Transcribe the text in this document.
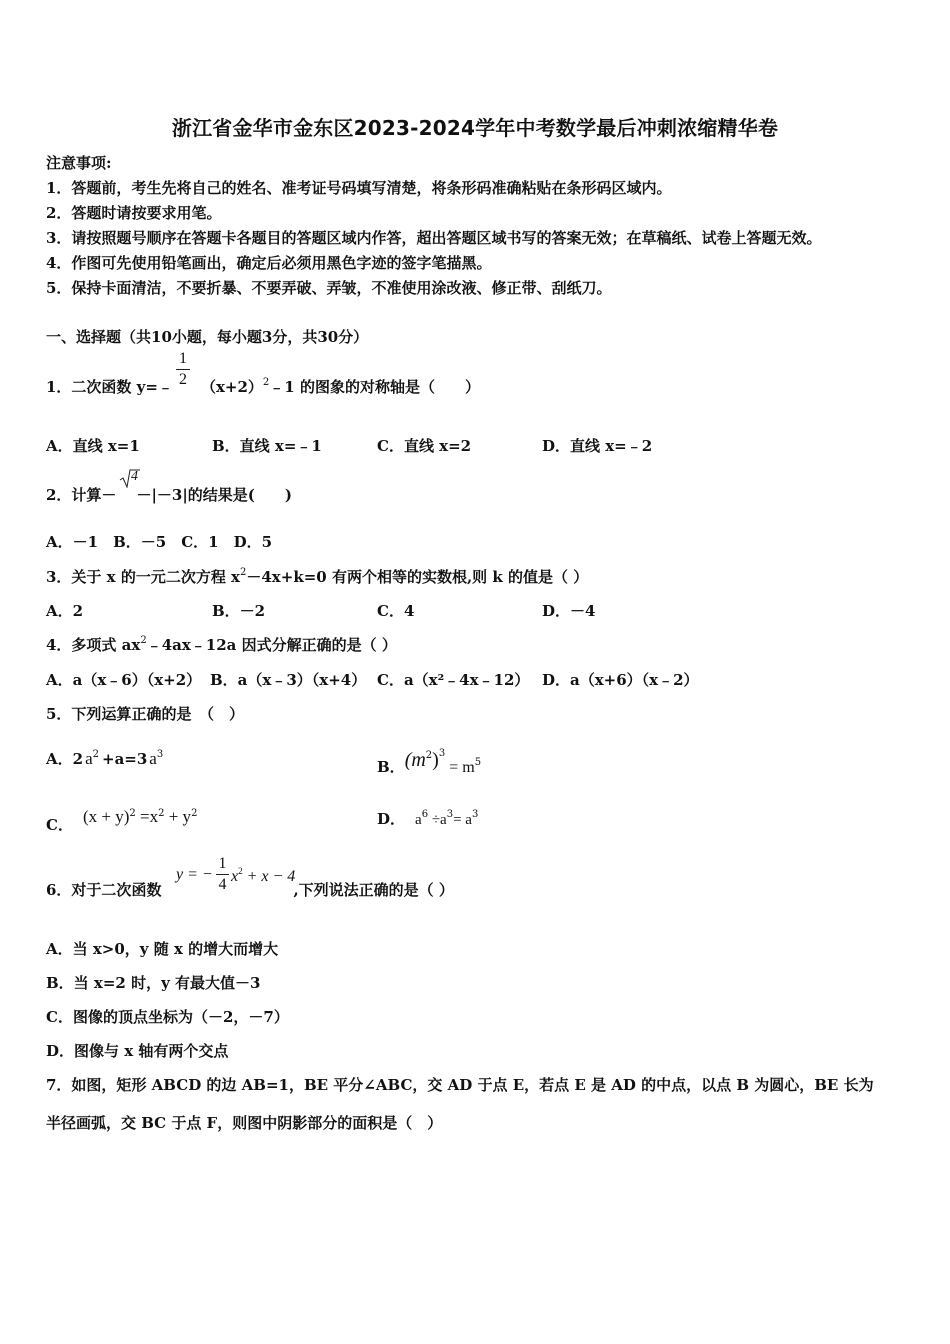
浙江省金华市金东区2023-2024学年中考数学最后冲刺浓缩精华卷
注意事项:
1．答题前，考生先将自己的姓名、准考证号码填写清楚，将条形码准确粘贴在条形码区域内。
2．答题时请按要求用笔。
3．请按照题号顺序在答题卡各题目的答题区域内作答，超出答题区域书写的答案无效；在草稿纸、试卷上答题无效。
4．作图可先使用铅笔画出，确定后必须用黑色字迹的签字笔描黑。
5．保持卡面清洁，不要折暴、不要弄破、弄皱，不准使用涂改液、修正带、刮纸刀。
一、选择题（共10小题，每小题3分，共30分）
1．二次函数 y=﹣ $(x+2)^2﹣1$ 的图象的对称轴是（　　）
1
2
A．直线 x=1	B．直线 x=﹣1	C．直线 x=2	D．直线 x=﹣2
2．计算－ －|－3|的结果是(　　)
4
A．－1　B．－5　C．1　D．5
3．关于 x 的一元二次方程 $x^2-4x+k=0$ 有两个相等的实数根,则 k 的值是（ ）
A．2	B．－2	C．4	D．－4
4．多项式 $ax^2﹣4ax﹣12a$ 因式分解正确的是（ ）
A．a（x﹣6）（x+2） B．a（x﹣3）（x+4） C．a（x²﹣4x﹣12） D．a（x+6）（x﹣2）
5．下列运算正确的是　（　）
A．2 $a^2 +a=3$ $a^3$
B．$(m^2)^3 = m^5$
C． $(x + y)^2 =x^2 + y^2$	D． $a^6 \div a^3= a^3$
6．对于二次函数	,下列说法正确的是（ ）
y = −
1
4 $x^2 + x - 4$
A．当 x>0，y 随 x 的增大而增大
B．当 x=2 时，y 有最大值－3
C．图像的顶点坐标为（－2，－7）
D．图像与 x 轴有两个交点
7．如图，矩形 ABCD 的边 AB=1，BE 平分∠ABC，交 AD 于点 E，若点 E 是 AD 的中点，以点 B 为圆心，BE 长为
半径画弧，交 BC 于点 F，则图中阴影部分的面积是（　）
